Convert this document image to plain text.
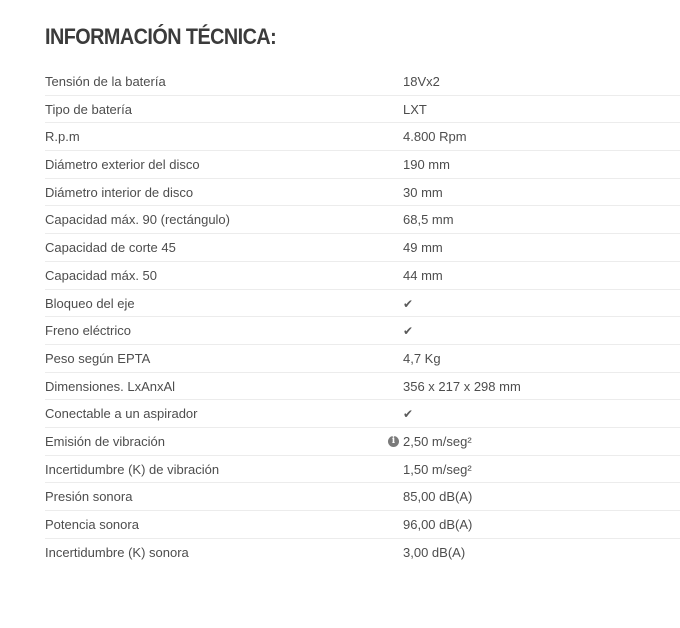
INFORMACIÓN TÉCNICA:
Tensión de la batería	18Vx2
Tipo de batería	LXT
R.p.m	4.800 Rpm
Diámetro exterior del disco	190 mm
Diámetro interior de disco	30 mm
Capacidad máx. 90 (rectángulo)	68,5 mm
Capacidad de corte 45	49 mm
Capacidad máx. 50	44 mm
Bloqueo del eje	✔
Freno eléctrico	✔
Peso según EPTA	4,7 Kg
Dimensiones. LxAnxAl	356 x 217 x 298 mm
Conectable a un aspirador	✔
Emisión de vibración	i 2,50 m/seg²
Incertidumbre (K) de vibración	1,50 m/seg²
Presión sonora	85,00 dB(A)
Potencia sonora	96,00 dB(A)
Incertidumbre (K) sonora	3,00 dB(A)
